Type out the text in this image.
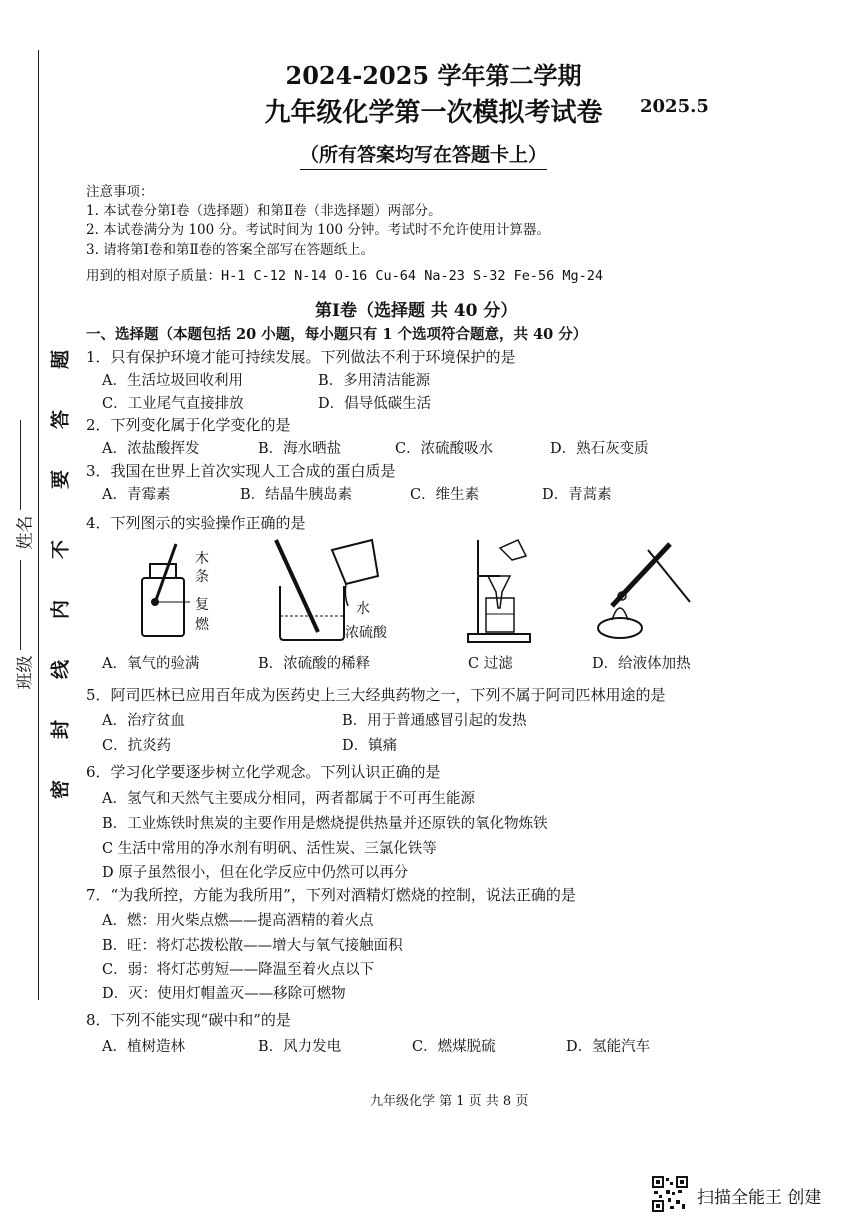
班级
姓名
密
封
线
内
不
要
答
题
2024-2025 学年第二学期
九年级化学第一次模拟考试卷	2025.5
（所有答案均写在答题卡上）
注意事项：
1. 本试卷分第Ⅰ卷（选择题）和第Ⅱ卷（非选择题）两部分。
2. 本试卷满分为 100 分。考试时间为 100 分钟。考试时不允许使用计算器。
3. 请将第Ⅰ卷和第Ⅱ卷的答案全部写在答题纸上。
用到的相对原子质量：H-1 C-12 N-14 O-16 Cu-64 Na-23 S-32 Fe-56 Mg-24
第Ⅰ卷（选择题 共 40 分）
一、选择题（本题包括 20 小题，每小题只有 1 个选项符合题意，共 40 分）
1．只有保护环境才能可持续发展。下列做法不利于环境保护的是
A．生活垃圾回收利用	B．多用清洁能源
C．工业尾气直接排放	D．倡导低碳生活
2．下列变化属于化学变化的是
A．浓盐酸挥发	B．海水晒盐	C．浓硫酸吸水	D．熟石灰变质
3．我国在世界上首次实现人工合成的蛋白质是
A．青霉素	B．结晶牛胰岛素	C．维生素	D．青蒿素
4．下列图示的实验操作正确的是
木
条
复
燃
水
浓硫酸
A．氧气的验满	B．浓硫酸的稀释	C 过滤	D．给液体加热
5．阿司匹林已应用百年成为医药史上三大经典药物之一，下列不属于阿司匹林用途的是
A．治疗贫血	B．用于普通感冒引起的发热
C．抗炎药	D．镇痛
6．学习化学要逐步树立化学观念。下列认识正确的是
A．氢气和天然气主要成分相同，两者都属于不可再生能源
B．工业炼铁时焦炭的主要作用是燃烧提供热量并还原铁的氧化物炼铁
C 生活中常用的净水剂有明矾、活性炭、三氯化铁等
D 原子虽然很小，但在化学反应中仍然可以再分
7．“为我所控，方能为我所用”，下列对酒精灯燃烧的控制，说法正确的是
A．燃：用火柴点燃——提高酒精的着火点
B．旺：将灯芯拨松散——增大与氧气接触面积
C．弱：将灯芯剪短——降温至着火点以下
D．灭：使用灯帽盖灭——移除可燃物
8．下列不能实现“碳中和”的是
A．植树造林	B．风力发电	C．燃煤脱硫	D．氢能汽车
九年级化学 第 1 页 共 8 页
扫描全能王 创建
